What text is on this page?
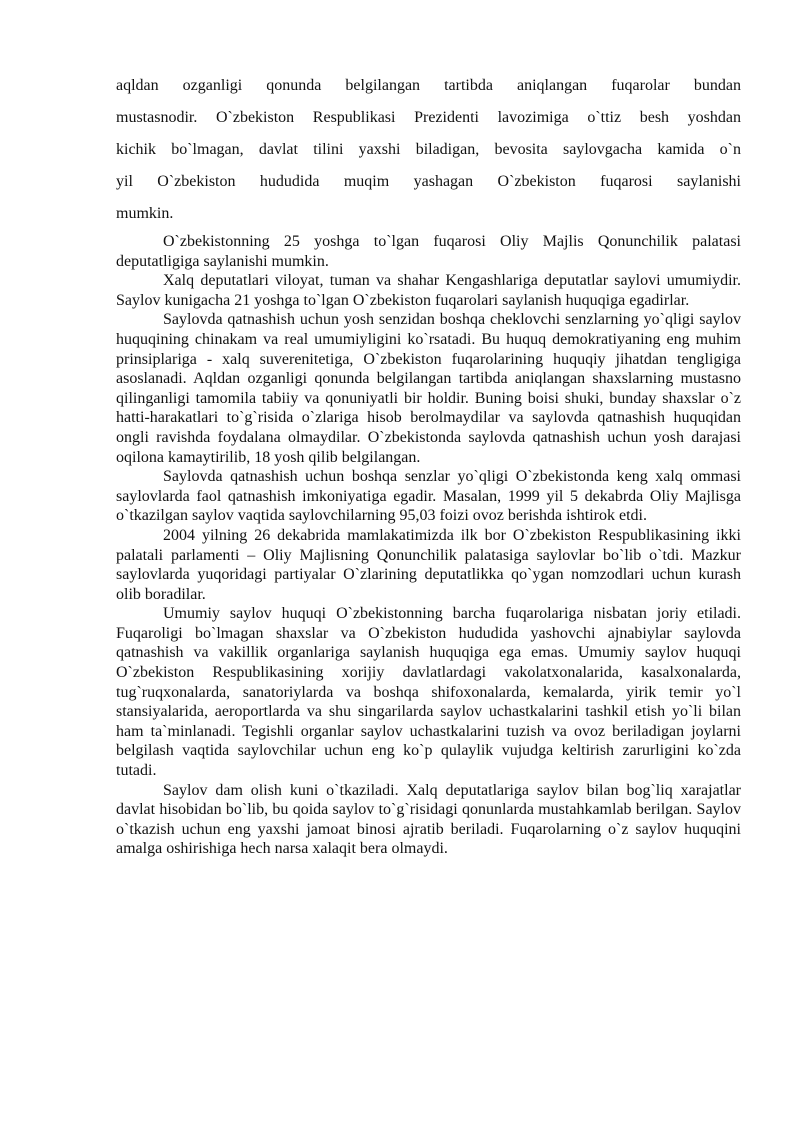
aqldan ozganligi qonunda belgilangan tartibda aniqlangan fuqarolar bundan

mustasnodir. O`zbekiston Respublikasi Prezidenti lavozimiga o`ttiz besh yoshdan

kichik bo`lmagan, davlat tilini yaxshi biladigan, bevosita saylovgacha kamida o`n

yil O`zbekiston hududida muqim yashagan O`zbekiston fuqarosi saylanishi

mumkin.

O`zbekistonning 25 yoshga to`lgan fuqarosi Oliy Majlis Qonunchilik palatasi deputatligiga saylanishi mumkin.

Xalq deputatlari viloyat, tuman va shahar Kengashlariga deputatlar saylovi umumiydir. Saylov kunigacha 21 yoshga to`lgan O`zbekiston fuqarolari saylanish huquqiga egadirlar.

Saylovda qatnashish uchun yosh senzidan boshqa cheklovchi senzlarning yo`qligi saylov huquqining chinakam va real umumiyligini ko`rsatadi. Bu huquq demokratiyaning eng muhim prinsiplariga - xalq suverenitetiga, O`zbekiston fuqarolarining huquqiy jihatdan tengligiga asoslanadi. Aqldan ozganligi qonunda belgilangan tartibda aniqlangan shaxslarning mustasno qilinganligi tamomila tabiiy va qonuniyatli bir holdir. Buning boisi shuki, bunday shaxslar o`z hatti-harakatlari to`g`risida o`zlariga hisob berolmaydilar va saylovda qatnashish huquqidan ongli ravishda foydalana olmaydilar. O`zbekistonda saylovda qatnashish uchun yosh darajasi oqilona kamaytirilib, 18 yosh qilib belgilangan.

Saylovda qatnashish uchun boshqa senzlar yo`qligi O`zbekistonda keng xalq ommasi saylovlarda faol qatnashish imkoniyatiga egadir. Masalan, 1999 yil 5 dekabrda Oliy Majlisga o`tkazilgan saylov vaqtida saylovchilarning 95,03 foizi ovoz berishda ishtirok etdi.

2004 yilning 26 dekabrida mamlakatimizda ilk bor O`zbekiston Respublikasining ikki palatali parlamenti – Oliy Majlisning Qonunchilik palatasiga saylovlar bo`lib o`tdi. Mazkur saylovlarda yuqoridagi partiyalar O`zlarining deputatlikka qo`ygan nomzodlari uchun kurash olib boradilar.

Umumiy saylov huquqi O`zbekistonning barcha fuqarolariga nisbatan joriy etiladi. Fuqaroligi bo`lmagan shaxslar va O`zbekiston hududida yashovchi ajnabiylar saylovda qatnashish va vakillik organlariga saylanish huquqiga ega emas. Umumiy saylov huquqi O`zbekiston Respublikasining xorijiy davlatlardagi vakolatxonalarida, kasalxonalarda, tug`ruqxonalarda, sanatoriylarda va boshqa shifoxonalarda, kemalarda, yirik temir yo`l stansiyalarida, aeroportlarda va shu singarilarda saylov uchastkalarini tashkil etish yo`li bilan ham ta`minlanadi. Tegishli organlar saylov uchastkalarini tuzish va ovoz beriladigan joylarni belgilash vaqtida saylovchilar uchun eng ko`p qulaylik vujudga keltirish zarurligini ko`zda tutadi.

Saylov dam olish kuni o`tkaziladi. Xalq deputatlariga saylov bilan bog`liq xarajatlar davlat hisobidan bo`lib, bu qoida saylov to`g`risidagi qonunlarda mustahkamlab berilgan. Saylov o`tkazish uchun eng yaxshi jamoat binosi ajratib beriladi. Fuqarolarning o`z saylov huquqini amalga oshirishiga hech narsa xalaqit bera olmaydi.
